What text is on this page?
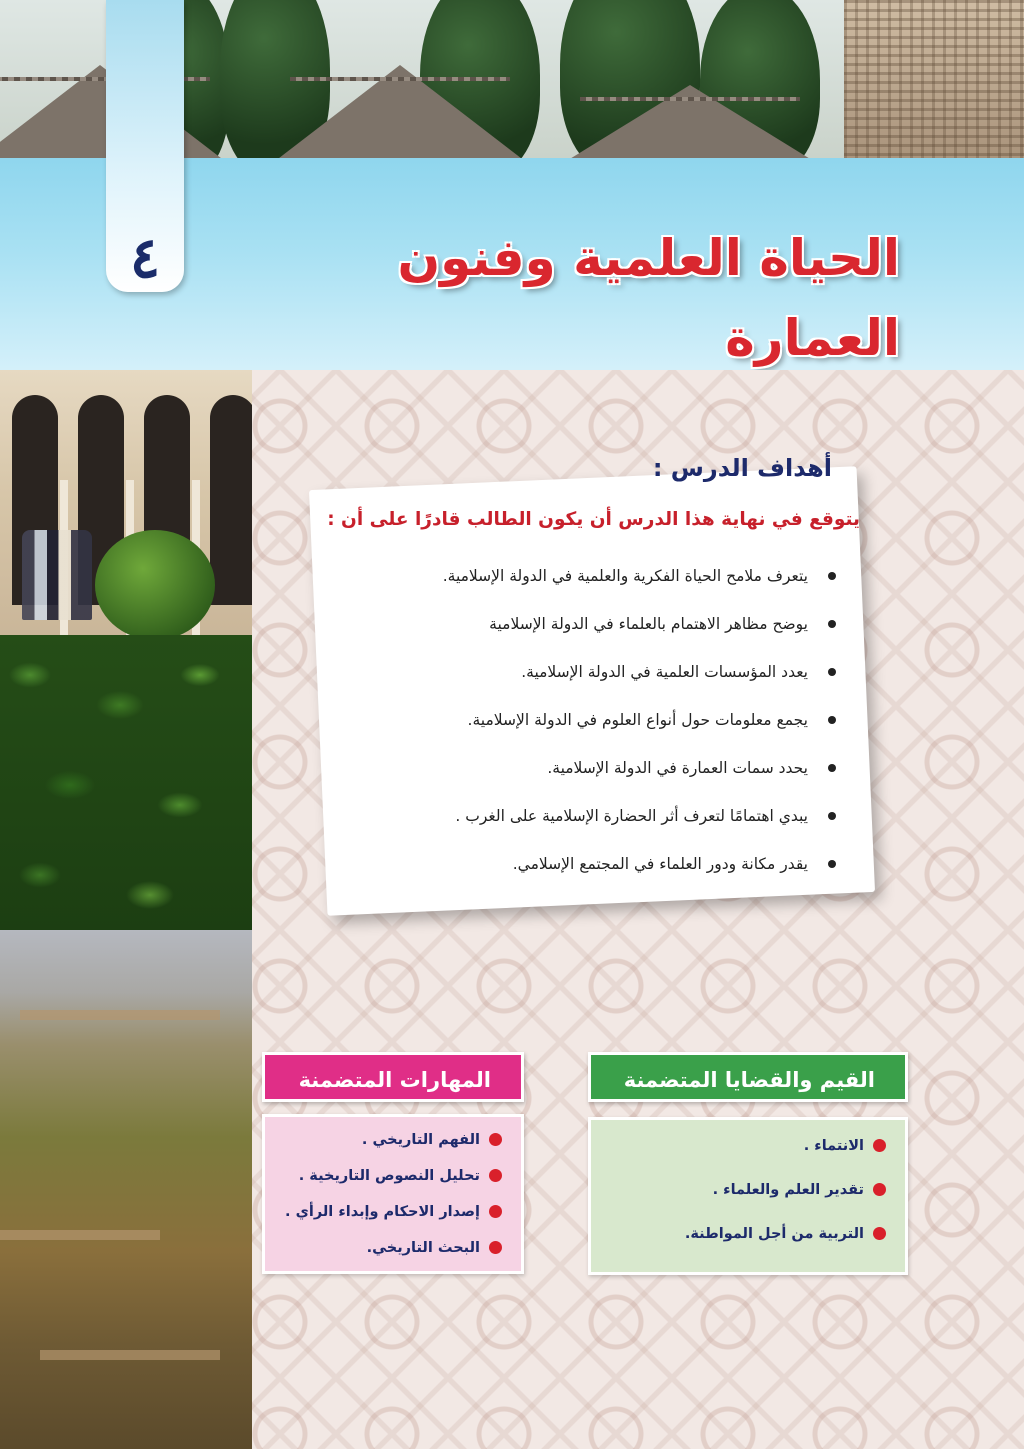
٤	الحياة العلمية وفنون العمارة
أهداف الدرس :

يتوقع في نهاية هذا الدرس أن يكون الطالب قادرًا على أن :

يتعرف ملامح الحياة الفكرية والعلمية في الدولة الإسلامية.
يوضح مظاهر الاهتمام بالعلماء في الدولة الإسلامية
يعدد المؤسسات العلمية في الدولة الإسلامية.
يجمع معلومات حول أنواع العلوم في الدولة الإسلامية.
يحدد سمات العمارة في الدولة الإسلامية.
يبدي اهتمامًا لتعرف أثر الحضارة الإسلامية على الغرب .
يقدر مكانة ودور العلماء في المجتمع الإسلامي.
القيم والقضايا المتضمنة
الانتماء .
تقدير العلم والعلماء .
التربية من أجل المواطنة.
المهارات المتضمنة
الفهم التاريخي .
تحليل النصوص التاريخية .
إصدار الاحكام وإبداء الرأي .
البحث التاريخي.
